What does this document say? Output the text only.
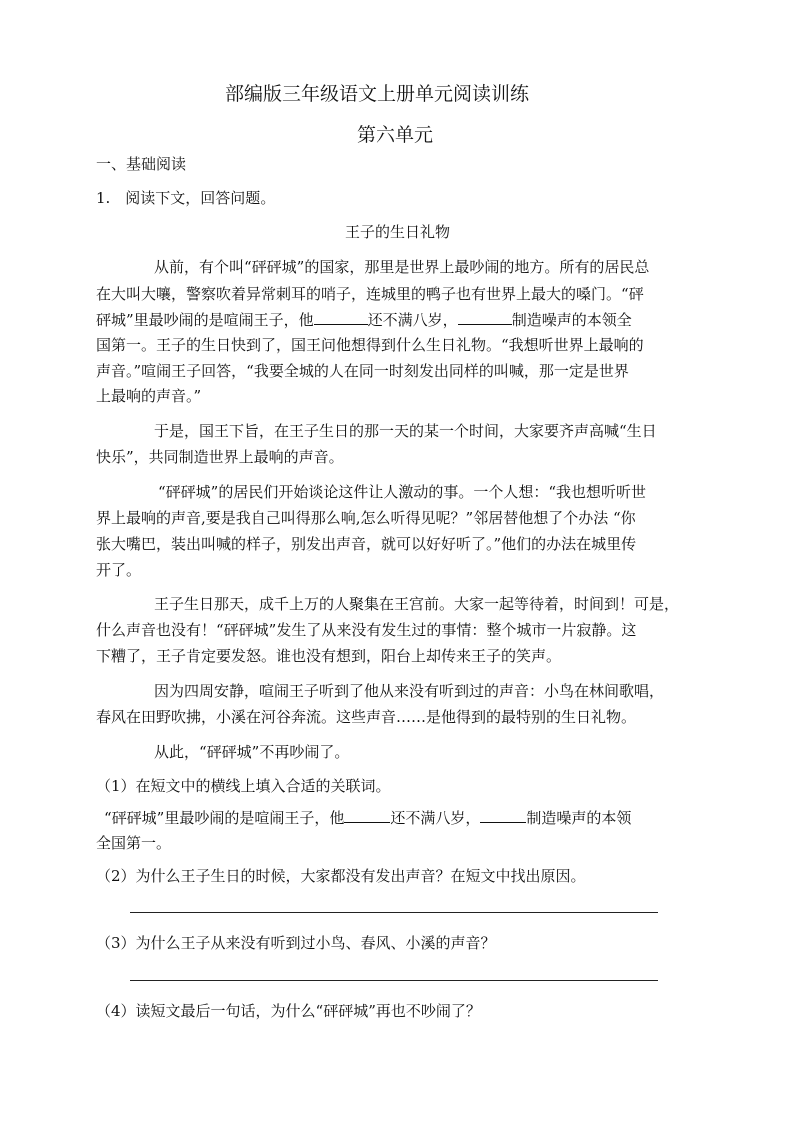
部编版三年级语文上册单元阅读训练
第六单元
一、基础阅读
1.　阅读下文，回答问题。
王子的生日礼物
从前，有个叫“砰砰城”的国家，那里是世界上最吵闹的地方。所有的居民总
在大叫大嚷，警察吹着异常刺耳的哨子，连城里的鸭子也有世界上最大的嗓门。“砰
砰城”里最吵闹的是喧闹王子，他	还不满八岁，	制造噪声的本领全
国第一。王子的生日快到了，国王问他想得到什么生日礼物。“我想听世界上最响的
声音。”喧闹王子回答，“我要全城的人在同一时刻发出同样的叫喊，那一定是世界
上最响的声音。”
于是，国王下旨，在王子生日的那一天的某一个时间，大家要齐声高喊“生日
快乐”，共同制造世界上最响的声音。
“砰砰城”的居民们开始谈论这件让人激动的事。一个人想：“我也想听听世
界上最响的声音,要是我自己叫得那么响,怎么听得见呢？”邻居替他想了个办法 “你
张大嘴巴，装出叫喊的样子，别发出声音，就可以好好听了。”他们的办法在城里传
开了。
王子生日那天，成千上万的人聚集在王宫前。大家一起等待着，时间到！可是，
什么声音也没有！“砰砰城”发生了从来没有发生过的事情：整个城市一片寂静。这
下糟了，王子肯定要发怒。谁也没有想到，阳台上却传来王子的笑声。
因为四周安静，喧闹王子听到了他从来没有听到过的声音：小鸟在林间歌唱，
春风在田野吹拂，小溪在河谷奔流。这些声音……是他得到的最特别的生日礼物。
从此，“砰砰城”不再吵闹了。
（1）在短文中的横线上填入合适的关联词。
“砰砰城”里最吵闹的是喧闹王子，他	还不满八岁，	制造噪声的本领
全国第一。
（2）为什么王子生日的时候，大家都没有发出声音？在短文中找出原因。
（3）为什么王子从来没有听到过小鸟、春风、小溪的声音？
（4）读短文最后一句话，为什么“砰砰城”再也不吵闹了？
